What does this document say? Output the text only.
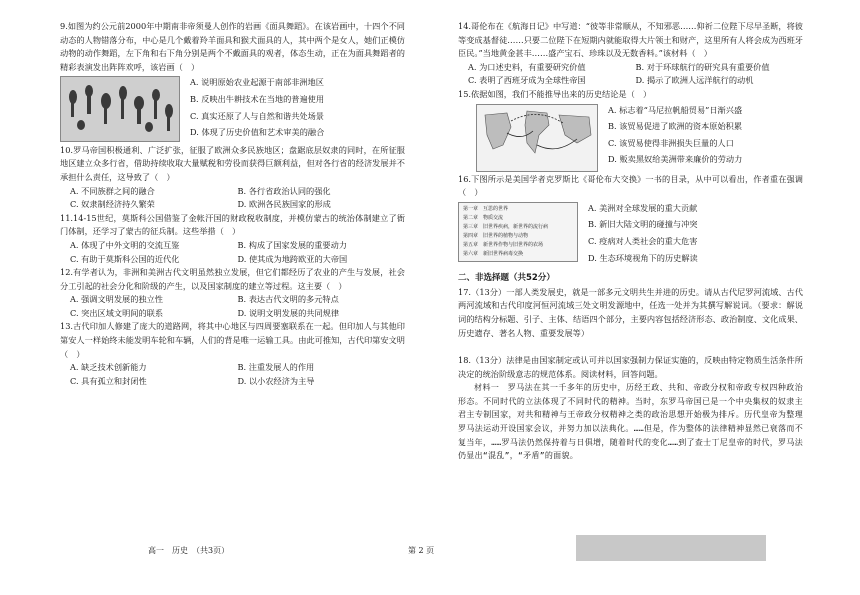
9.如图为约公元前2000年中期南非帝须曼人创作的岩画《面具舞蹈》。在该岩画中，十四个不同动态的人物错落分布，中心是几个戴着羚羊面具和猴犬面具的人，其中两个是女人，她们正模仿动物的动作舞蹈，左下角和右下角分别是两个不戴面具的观者，体态生动，正在为面具舞蹈者的精彩表演发出阵阵欢呼，该岩画（　）

A. 说明原始农业起源于南部非洲地区

B. 反映出牛耕技术在当地的普遍使用

C. 真实还原了人与自然和谐共处场景

D. 体现了历史价值和艺术审美的融合

10.罗马帝国积极通利、广泛扩张，征服了欧洲众多民族地区；盘踞底层奴隶的同时，在所征服地区建立众多行省，借助持续收取大量赋税和劳役而获得巨额利益，但对各行省的经济发展并不承担什么责任，这导致了（　）

A. 不同族群之间的融合	B. 各行省政治认同的强化
C. 奴隶制经济持久繁荣	D. 欧洲各民族国家的形成

11.14-15世纪，莫斯科公国借鉴了金帐汗国的财政税收制度，并模仿蒙古的统治体制建立了衙门体制，还学习了蒙古的征兵制。这些举措（　）

A. 体现了中外文明的交流互鉴	B. 构成了国家发展的重要动力
C. 有助于莫斯科公国的近代化	D. 使其成为地跨欧亚的大帝国

12.有学者认为，非洲和美洲古代文明虽然独立发展，但它们都经历了农业的产生与发展，社会分工引起的社会分化和阶级的产生，以及国家制度的建立等过程。这主要（　）

A. 强调文明发展的独立性	B. 表达古代文明的多元特点
C. 突出区域文明间的联系	D. 说明文明发展的共同规律

13.古代印加人修建了庞大的道路网，将其中心地区与四周要塞联系在一起。但印加人与其他印第安人一样始终未能发明车轮和车辆，人们的背是唯一运输工具。由此可推知，古代印第安文明（　）

A. 缺乏技术创新能力	B. 注重发展人的作用
C. 具有孤立和封闭性	D. 以小农经济为主导
高一　历史　（共3页）

14.哥伦布在《航海日记》中写道：“彼等非常顺从，不知邪恶……仰祈二位陛下尽早圣断，将彼等变成基督徒……只要二位陛下在短期内就能取得大片领土和财产，这里所有人将会成为西班牙臣民。”当地黄金甚丰……盛产宝石、珍珠以及无数香料。”该材料（　）

A. 为口述史料，有重要研究价值	B. 对于环球航行的研究具有重要价值
C. 表明了西班牙成为全球性帝国	D. 揭示了欧洲人远洋航行的动机

15.依据如图，我们不能推导出来的历史结论是（　）

A. 标志着“马尼拉帆船贸易”日渐兴盛

B. 该贸易促进了欧洲的资本原始积累

C. 该贸易使得非洲损失巨量的人口

D. 贩卖黑奴给美洲带来廉价的劳动力

16.下图所示是美国学者克罗斯比《哥伦布大交换》一书的目录，从中可以看出，作者重在强调（　）

第一章　互思的世界
第二章　物质交流
第三章　旧世界疾病，新世界的流行病
第四章　旧世界的植物与动物
第五章　新世界作物与旧世界的农场
第六章　新旧世界病毒交换

A. 美洲对全球发展的重大贡献

B. 新旧大陆文明的碰撞与冲突

C. 疫病对人类社会的重大危害

D. 生态环境视角下的历史解读

二、非选择题（共52分）

17.（13分）一部人类发展史，就是一部多元文明共生并进的历史。请从古代尼罗河流域、古代两河流域和古代印度河恒河流域三处文明发源地中，任选一处并为其撰写解说词。（要求：解说词的结构分标题、引子、主体、结语四个部分，主要内容包括经济形态、政治制度、文化成果、历史遗存、著名人物、重要发展等）

18.（13分）法律是由国家制定或认可并以国家强制力保证实施的，反映由特定物质生活条件所决定的统治阶级意志的规范体系。阅读材料，回答问题。

材料一　罗马法在其一千多年的历史中，历经王政、共和、帝政分权和帝政专权四种政治形态。不同时代的立法体现了不同时代的精神。当时，东罗马帝国已是一个中央集权的奴隶主君主专制国家，对共和精神与王帝政分权精神之类的政治思想开始极为排斥。历代皇帝为整理罗马法运动开设国家会议，并努力加以法典化。……但是，作为整体的法律精神显然已衰落而不复当年，……罗马法仍然保持着与日俱增，随着时代的变化……到了查士丁尼皇帝的时代，罗马法仍显出“混乱”，“矛盾”的面貌。

第 2 页
